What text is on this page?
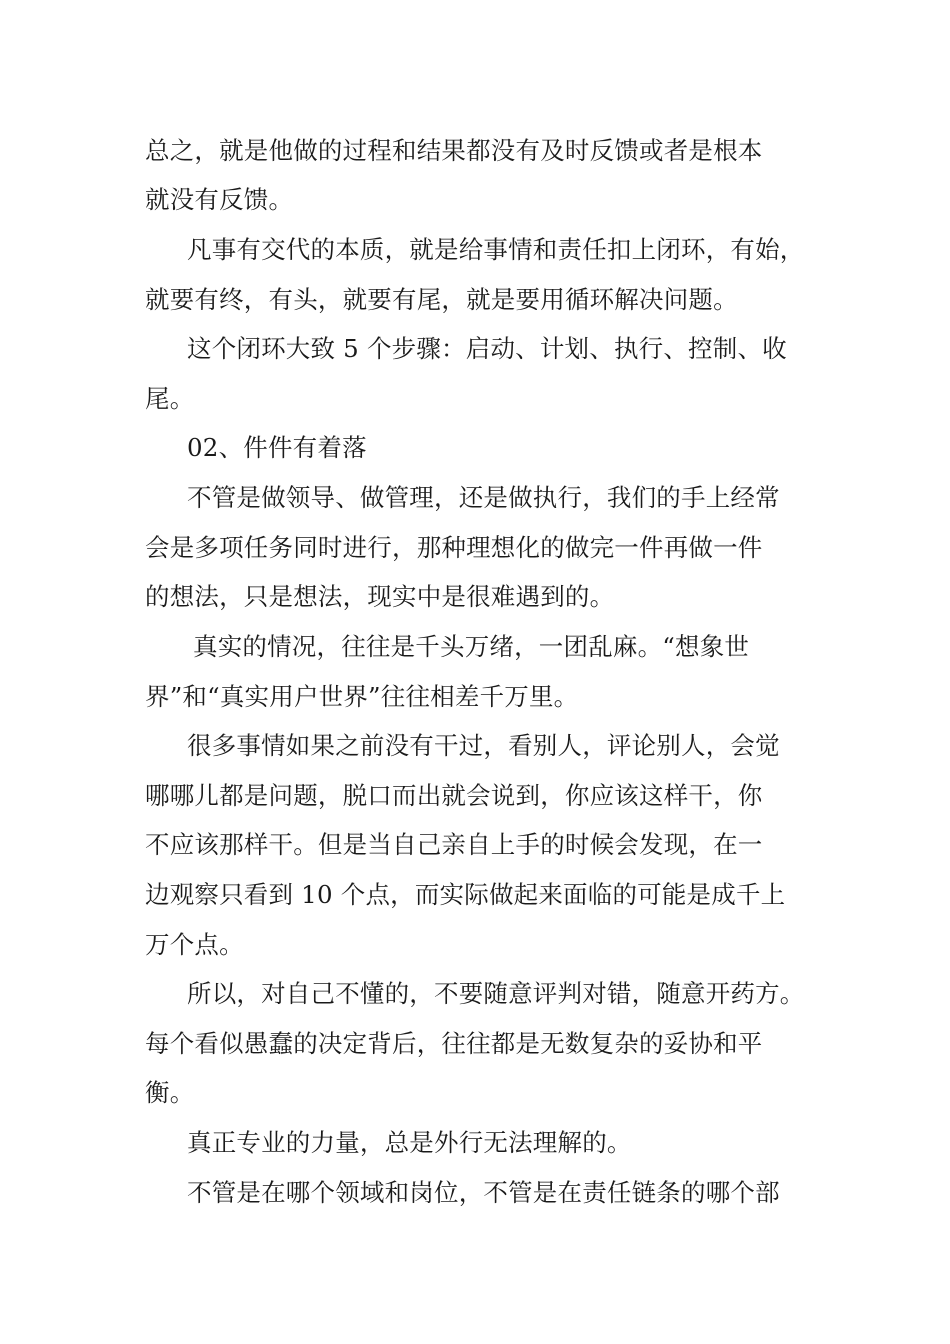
总之，就是他做的过程和结果都没有及时反馈或者是根本
就没有反馈。
凡事有交代的本质，就是给事情和责任扣上闭环，有始，
就要有终，有头，就要有尾，就是要用循环解决问题。
这个闭环大致 5 个步骤：启动、计划、执行、控制、收
尾。
02、件件有着落
不管是做领导、做管理，还是做执行，我们的手上经常
会是多项任务同时进行，那种理想化的做完一件再做一件
的想法，只是想法，现实中是很难遇到的。
真实的情况，往往是千头万绪，一团乱麻。“想象世
界”和“真实用户世界”往往相差千万里。
很多事情如果之前没有干过，看别人，评论别人，会觉
哪哪儿都是问题，脱口而出就会说到，你应该这样干，你
不应该那样干。但是当自己亲自上手的时候会发现，在一
边观察只看到 10 个点，而实际做起来面临的可能是成千上
万个点。
所以，对自己不懂的，不要随意评判对错，随意开药方。
每个看似愚蠢的决定背后，往往都是无数复杂的妥协和平
衡。
真正专业的力量，总是外行无法理解的。
不管是在哪个领域和岗位，不管是在责任链条的哪个部
